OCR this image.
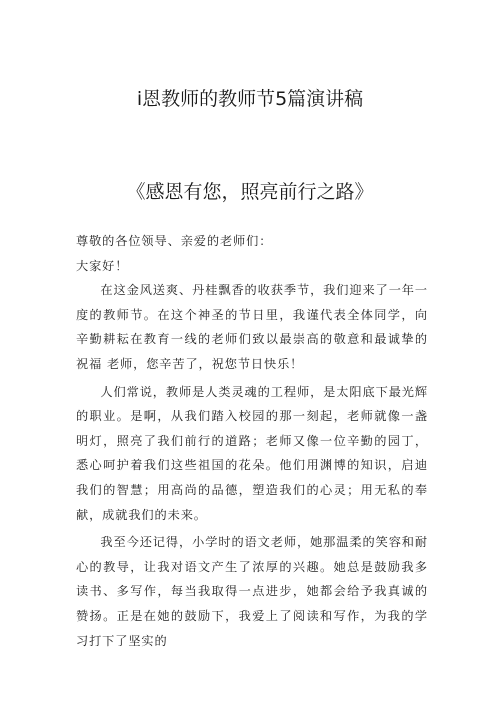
i恩教师的教师节5篇演讲稿
《感恩有您，照亮前行之路》

尊敬的各位领导、亲爱的老师们：

大家好！

在这金风送爽、丹桂飘香的收获季节，我们迎来了一年一度的教师节。在这个神圣的节日里，我谨代表全体同学，向辛勤耕耘在教育一线的老师们致以最崇高的敬意和最诚挚的祝福 老师，您辛苦了，祝您节日快乐！

人们常说，教师是人类灵魂的工程师，是太阳底下最光辉的职业。是啊，从我们踏入校园的那一刻起，老师就像一盏明灯，照亮了我们前行的道路；老师又像一位辛勤的园丁，悉心呵护着我们这些祖国的花朵。他们用渊博的知识，启迪我们的智慧；用高尚的品德，塑造我们的心灵；用无私的奉献，成就我们的未来。

我至今还记得，小学时的语文老师，她那温柔的笑容和耐心的教导，让我对语文产生了浓厚的兴趣。她总是鼓励我多读书、多写作，每当我取得一点进步，她都会给予我真诚的赞扬。正是在她的鼓励下，我爱上了阅读和写作，为我的学习打下了坚实的
